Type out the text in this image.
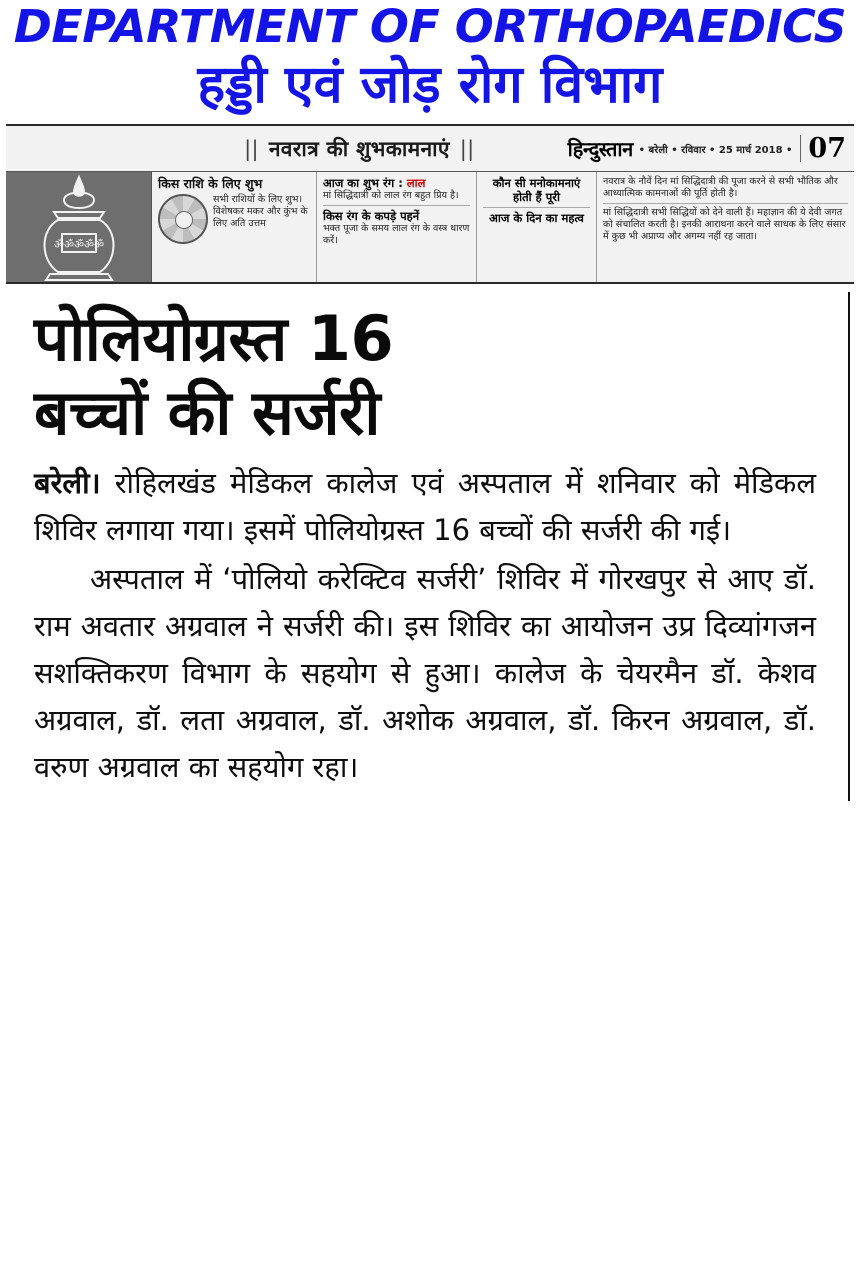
DEPARTMENT OF ORTHOPAEDICS
हड्डी एवं जोड़ रोग विभाग
|| नवरात्र की शुभकामनाएं ||	हिन्दुस्तान • बरेली • रविवार • 25 मार्च 2018 • 07
ॐॐॐॐॐ
किस राशि के लिए शुभ
सभी राशियों के लिए शुभ। विशेषकर मकर और कुंभ के लिए अति उत्तम
आज का शुभ रंग : लाल
मां सिद्धिदात्री को लाल रंग बहुत प्रिय है।
किस रंग के कपड़े पहनें
भक्त पूजा के समय लाल रंग के वस्त्र धारण करें।
कौन सी मनोकामनाएं होती हैं पूरी
आज के दिन का महत्व
नवरात्र के नौवें दिन मां सिद्धिदात्री की पूजा करने से सभी भौतिक और आध्यात्मिक कामनाओं की पूर्ति होती है।
मां सिद्धिदात्री सभी सिद्धियों को देने वाली हैं। महाज्ञान की ये देवी जगत को संचालित करती है। इनकी आराधना करने वाले साधक के लिए संसार में कुछ भी अप्राप्य और अगम्य नहीं रह जाता।
पोलियोग्रस्त 16
बच्चों की सर्जरी
बरेली। रोहिलखंड मेडिकल कालेज एवं अस्पताल में शनिवार को मेडिकल शिविर लगाया गया। इसमें पोलियोग्रस्त 16 बच्चों की सर्जरी की गई।
अस्पताल में ‘पोलियो करेक्टिव सर्जरी’ शिविर में गोरखपुर से आए डॉ. राम अवतार अग्रवाल ने सर्जरी की। इस शिविर का आयोजन उप्र दिव्यांगजन सशक्तिकरण विभाग के सहयोग से हुआ। कालेज के चेयरमैन डॉ. केशव अग्रवाल, डॉ. लता अग्रवाल, डॉ. अशोक अग्रवाल, डॉ. किरन अग्रवाल, डॉ. वरुण अग्रवाल का सहयोग रहा।
